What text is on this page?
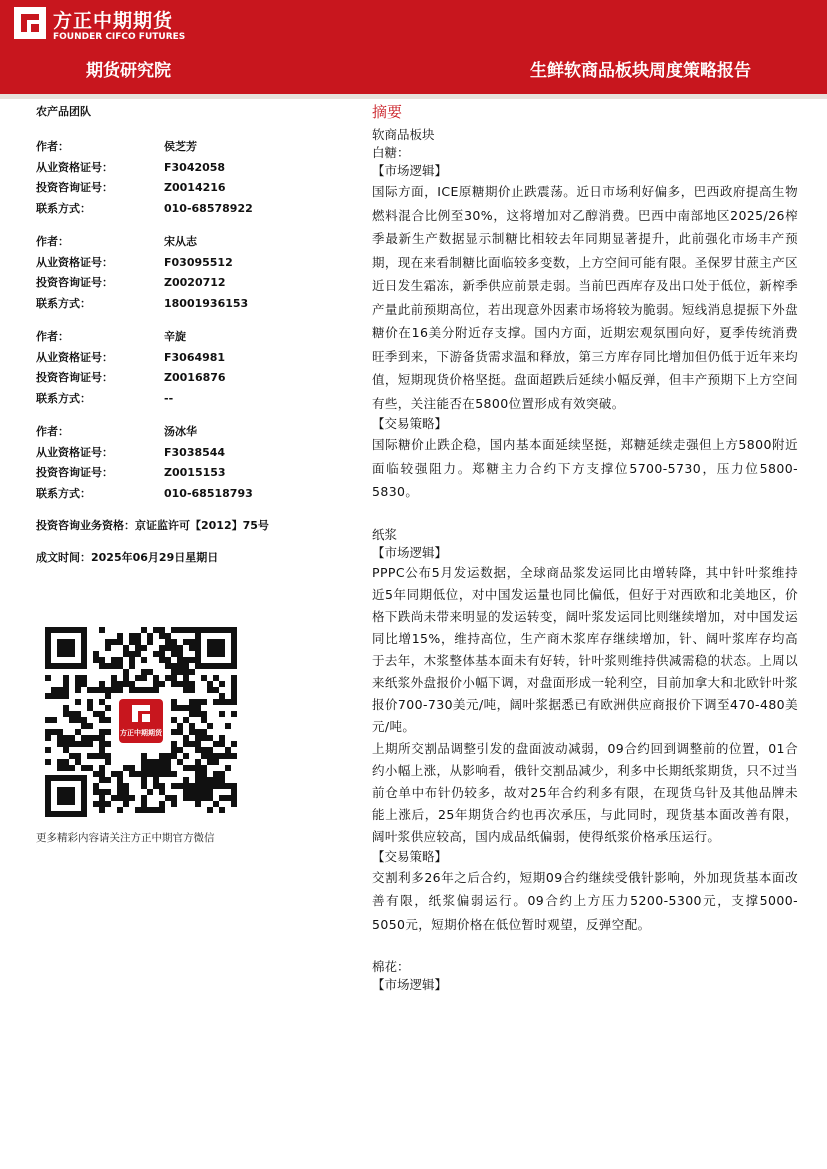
方正中期期货
FOUNDER CIFCO FUTURES
期货研究院	生鲜软商品板块周度策略报告
农产品团队
作者：	侯芝芳
从业资格证号：	F3042058
投资咨询证号：	Z0014216
联系方式：	010-68578922
作者：	宋从志
从业资格证号：	F03095512
投资咨询证号：	Z0020712
联系方式：	18001936153
作者：	辛旋
从业资格证号：	F3064981
投资咨询证号：	Z0016876
联系方式：	--
作者：	汤冰华
从业资格证号：	F3038544
投资咨询证号：	Z0015153
联系方式：	010-68518793
投资咨询业务资格：京证监许可【2012】75号
成文时间：2025年06月29日星期日
方正中期期货
更多精彩内容请关注方正中期官方微信
摘要
软商品板块
白糖：
【市场逻辑】

国际方面，ICE原糖期价止跌震荡。近日市场利好偏多，巴西政府提高生物燃料混合比例至30%，这将增加对乙醇消费。巴西中南部地区2025/26榨季最新生产数据显示制糖比相较去年同期显著提升，此前强化市场丰产预期，现在来看制糖比面临较多变数，上方空间可能有限。圣保罗甘蔗主产区近日发生霜冻，新季供应前景走弱。当前巴西库存及出口处于低位，新榨季产量此前预期高位，若出现意外因素市场将较为脆弱。短线消息提振下外盘糖价在16美分附近存支撑。国内方面，近期宏观氛围向好，夏季传统消费旺季到来，下游备货需求温和释放，第三方库存同比增加但仍低于近年来均值，短期现货价格坚挺。盘面超跌后延续小幅反弹，但丰产预期下上方空间有些，关注能否在5800位置形成有效突破。

【交易策略】

国际糖价止跌企稳，国内基本面延续坚挺，郑糖延续走强但上方5800附近面临较强阻力。郑糖主力合约下方支撑位5700-5730，压力位5800-5830。

纸浆
【市场逻辑】

PPPC公布5月发运数据，全球商品浆发运同比由增转降，其中针叶浆维持近5年同期低位，对中国发运量也同比偏低，但好于对西欧和北美地区，价格下跌尚未带来明显的发运转变，阔叶浆发运同比则继续增加，对中国发运同比增15%，维持高位，生产商木浆库存继续增加，针、阔叶浆库存均高于去年，木浆整体基本面未有好转，针叶浆则维持供减需稳的状态。上周以来纸浆外盘报价小幅下调，对盘面形成一轮利空，目前加拿大和北欧针叶浆报价700-730美元/吨，阔叶浆据悉已有欧洲供应商报价下调至470-480美元/吨。

上期所交割品调整引发的盘面波动减弱，09合约回到调整前的位置，01合约小幅上涨，从影响看，俄针交割品减少，利多中长期纸浆期货，只不过当前仓单中布针仍较多，故对25年合约利多有限，在现货乌针及其他品牌未能上涨后，25年期货合约也再次承压，与此同时，现货基本面改善有限，阔叶浆供应较高，国内成品纸偏弱，使得纸浆价格承压运行。

【交易策略】

交割利多26年之后合约，短期09合约继续受俄针影响，外加现货基本面改善有限，纸浆偏弱运行。09合约上方压力5200-5300元，支撑5000-5050元，短期价格在低位暂时观望，反弹空配。

棉花：
【市场逻辑】
